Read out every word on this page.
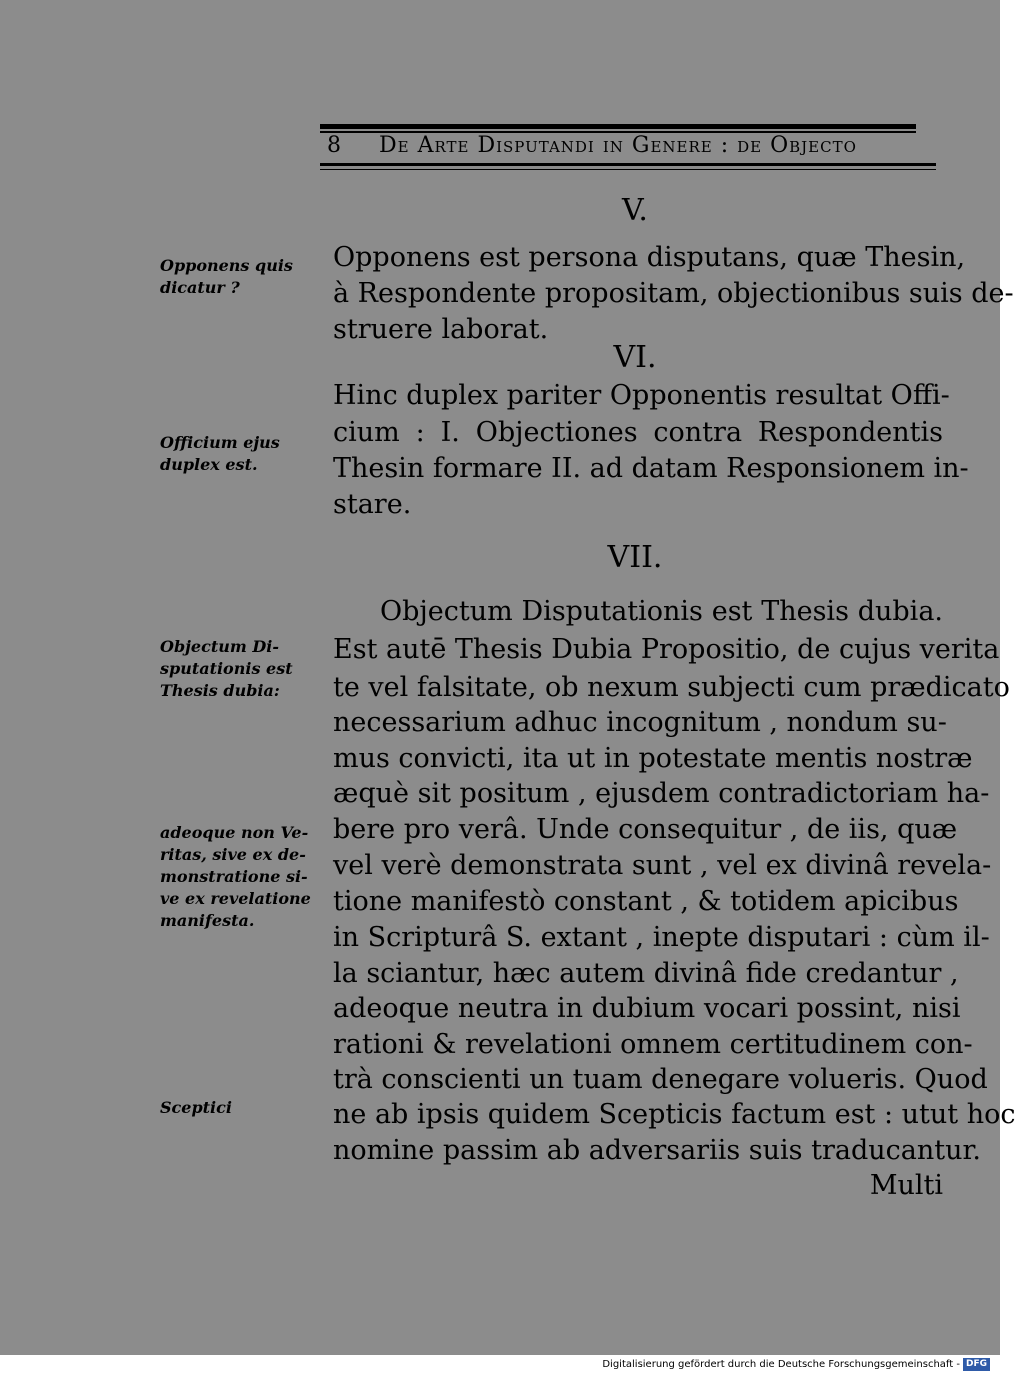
8 De Arte Disputandi in Genere : de Objecto
V.
Opponens est persona disputans, quæ Thesin,
à Respondente propositam, objectionibus suis de-
struere laborat.
VI.
Hinc duplex pariter Opponentis resultat Offi-
cium : I. Objectiones contra Respondentis
Thesin formare II. ad datam Responsionem in-
stare.
VII.
Objectum Disputationis est Thesis dubia.
Est autē Thesis Dubia Propositio, de cujus verita
te vel falsitate, ob nexum subjecti cum prædicato
necessarium adhuc incognitum , nondum su-
mus convicti, ita ut in potestate mentis nostræ
æquè sit positum , ejusdem contradictoriam ha-
bere pro verâ. Unde consequitur , de iis, quæ
vel verè demonstrata sunt , vel ex divinâ revela-
tione manifestò constant , & totidem apicibus
in Scripturâ S. extant , inepte disputari : cùm il-
la sciantur, hæc autem divinâ fide credantur ,
adeoque neutra in dubium vocari possint, nisi
rationi & revelationi omnem certitudinem con-
trà conscienti un tuam denegare volueris. Quod
ne ab ipsis quidem Scepticis factum est : utut hoc
nomine passim ab adversariis suis traducantur.
Multi
Opponens quis
dicatur ?
Officium ejus
duplex est.
Objectum Di-
sputationis est
Thesis dubia:
adeoque non Ve-
ritas, sive ex de-
monstratione si-
ve ex revelatione
manifesta.
Sceptici
Digitalisierung gefördert durch die Deutsche Forschungsgemeinschaft - DFG
